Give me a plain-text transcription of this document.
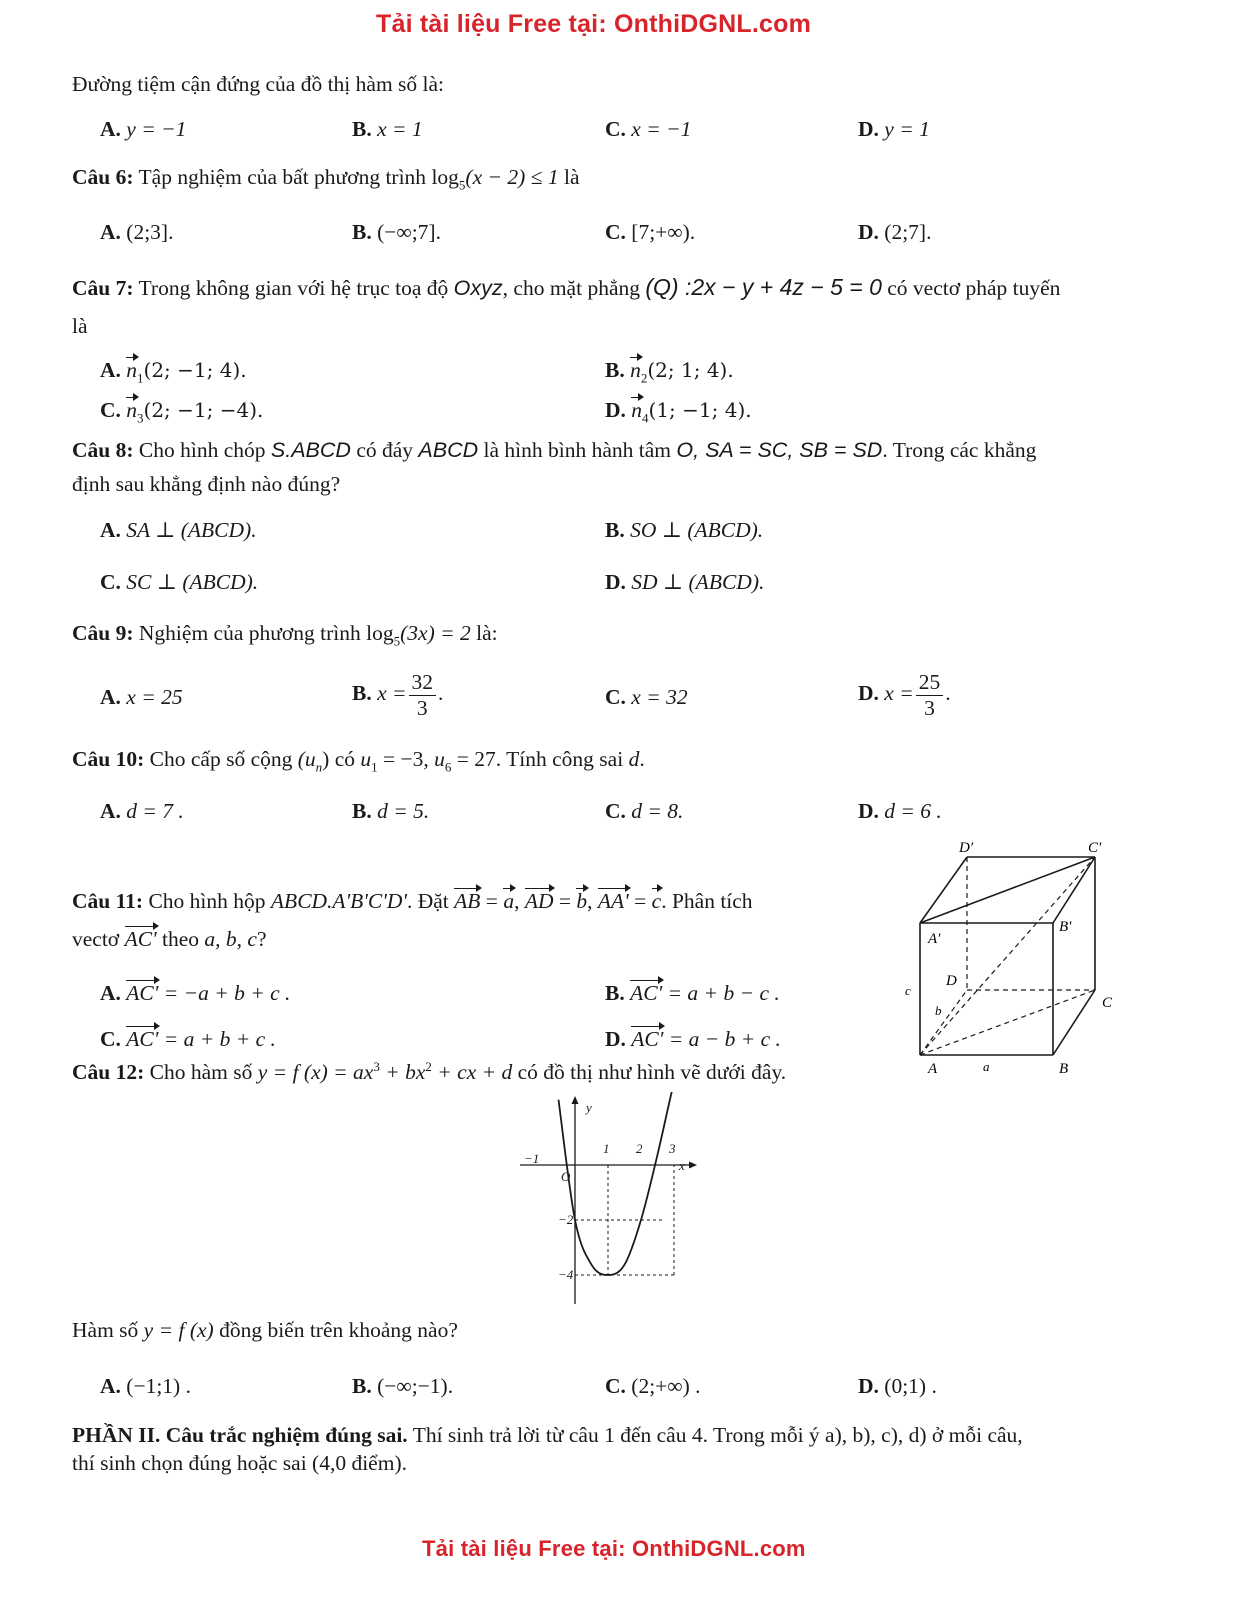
Tải tài liệu Free tại: OnthiDGNL.com
Đường tiệm cận đứng của đồ thị hàm số là:
A. y = −1	B. x = 1	C. x = −1	D. y = 1
Câu 6: Tập nghiệm của bất phương trình $\log_5(x - 2) \le 1$ là
A. (2;3].	B. (−∞;7].	C. [7;+∞).	D. (2;7].
Câu 7: Trong không gian với hệ trục toạ độ Oxyz, cho mặt phẳng (Q) :2x − y + 4z − 5 = 0 có vectơ pháp tuyến
là
A. $n_1(2$; −1; 4).	B. $n_2(2$; 1; 4).
C. $n_3(2$; −1; −4).	D. $n_4(1$; −1; 4).
Câu 8: Cho hình chóp S.ABCD có đáy ABCD là hình bình hành tâm O, SA = SC, SB = SD. Trong các khẳng
định sau khẳng định nào đúng?
A. SA ⊥ (ABCD).	B. SO ⊥ (ABCD).
C. SC ⊥ (ABCD).	D. SD ⊥ (ABCD).
Câu 9: Nghiệm của phương trình $\log_5(3x) = 2$ là:
A. x = 25	B. $x = \frac{32}{3}$ .	C. x = 32	D. $x = \frac{25}{3}$ .
Câu 10: Cho cấp số cộng $(u_n)$ có $u_1 = -3$, $u_6 = 27$. Tính công sai d.
A. d = 7 .	B. d = 5.	C. d = 8.	D. d = 6 .
Câu 11: Cho hình hộp ABCD.A'B'C'D'. Đặt AB = a, AD = b, AA' = c. Phân tích
vectơ AC' theo a, b, c?
A. AC' = −a + b + c .	B. AC' = a + b − c .
C. AC' = a + b + c .	D. AC' = a − b + c .
D′	C′
A′
B′
D
C
A	B
a
b
c
Câu 12: Cho hàm số y = f $(x) = ax^3 + bx^2$ + cx + d có đồ thị như hình vẽ dưới đây.
−1
1 2 3
−2
−4
O
y
x
Hàm số y = f (x) đồng biến trên khoảng nào?
A. (−1;1) .	B. (−∞;−1).	C. (2;+∞) .	D. (0;1) .
PHẦN II. Câu trắc nghiệm đúng sai. Thí sinh trả lời từ câu 1 đến câu 4. Trong mỗi ý a), b), c), d) ở mỗi câu,
thí sinh chọn đúng hoặc sai (4,0 điểm).
Tải tài liệu Free tại: OnthiDGNL.com
